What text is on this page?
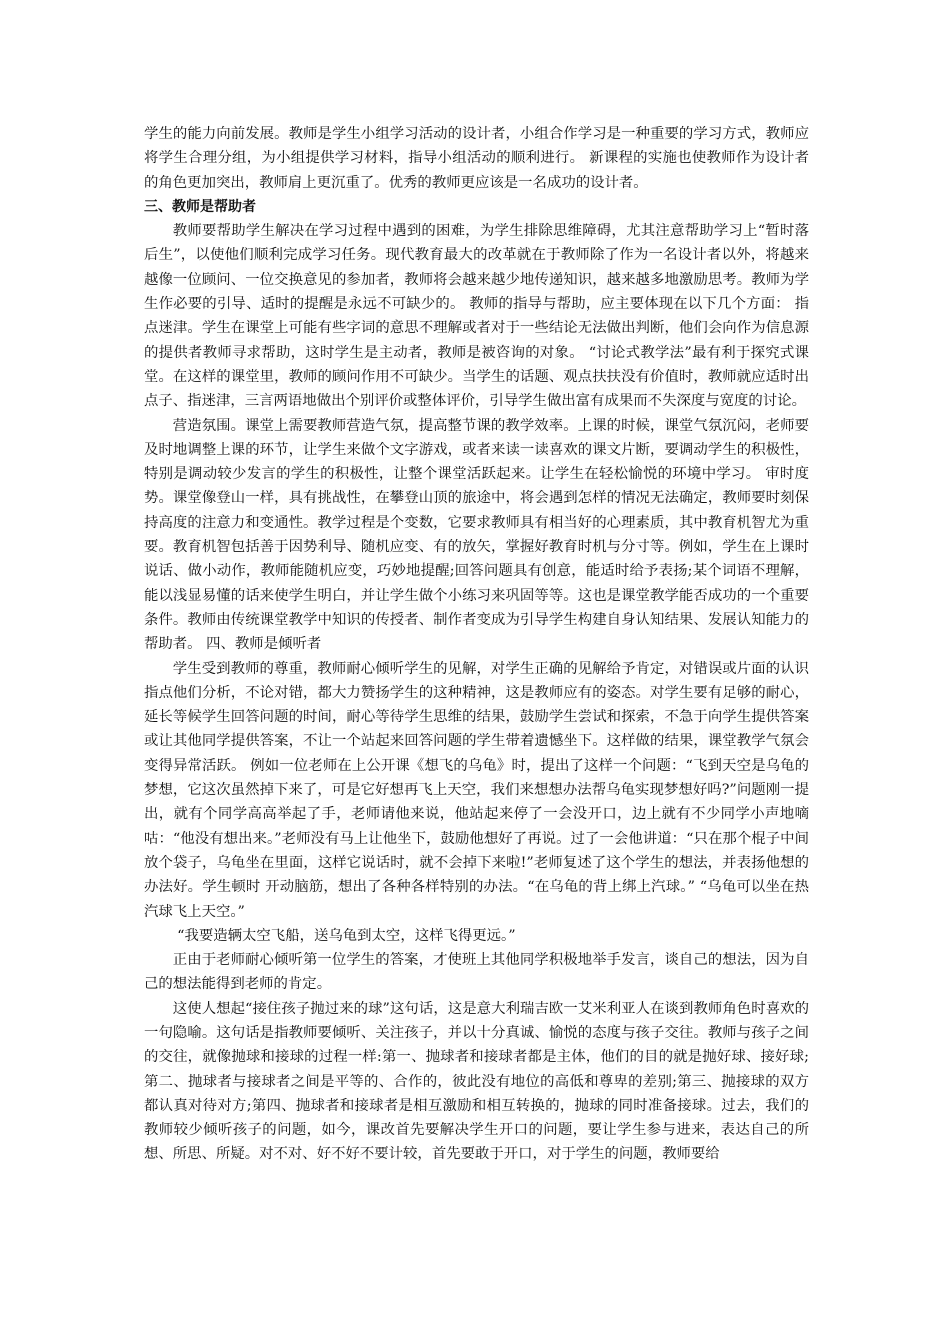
学生的能力向前发展。教师是学生小组学习活动的设计者，小组合作学习是一种重要的学习方式，教师应将学生合理分组，为小组提供学习材料，指导小组活动的顺利进行。 新课程的实施也使教师作为设计者的角色更加突出，教师肩上更沉重了。优秀的教师更应该是一名成功的设计者。

三、教师是帮助者

教师要帮助学生解决在学习过程中遇到的困难，为学生排除思维障碍，尤其注意帮助学习上“暂时落后生”，以使他们顺利完成学习任务。现代教育最大的改革就在于教师除了作为一名设计者以外，将越来越像一位顾问、一位交换意见的参加者，教师将会越来越少地传递知识，越来越多地激励思考。教师为学生作必要的引导、适时的提醒是永远不可缺少的。 教师的指导与帮助，应主要体现在以下几个方面： 指点迷津。学生在课堂上可能有些字词的意思不理解或者对于一些结论无法做出判断，他们会向作为信息源的提供者教师寻求帮助，这时学生是主动者，教师是被咨询的对象。 “讨论式教学法”最有利于探究式课堂。在这样的课堂里，教师的顾问作用不可缺少。当学生的话题、观点扶扶没有价值时，教师就应适时出点子、指迷津，三言两语地做出个别评价或整体评价，引导学生做出富有成果而不失深度与宽度的讨论。

营造氛围。课堂上需要教师营造气氛，提高整节课的教学效率。上课的时候，课堂气氛沉闷，老师要及时地调整上课的环节，让学生来做个文字游戏，或者来读一读喜欢的课文片断，要调动学生的积极性，特别是调动较少发言的学生的积极性，让整个课堂活跃起来。让学生在轻松愉悦的环境中学习。 审时度势。课堂像登山一样，具有挑战性，在攀登山顶的旅途中，将会遇到怎样的情况无法确定，教师要时刻保持高度的注意力和变通性。教学过程是个变数，它要求教师具有相当好的心理素质，其中教育机智尤为重要。教育机智包括善于因势利导、随机应变、有的放矢，掌握好教育时机与分寸等。例如，学生在上课时说话、做小动作，教师能随机应变，巧妙地提醒;回答问题具有创意，能适时给予表扬;某个词语不理解，能以浅显易懂的话来使学生明白，并让学生做个小练习来巩固等等。这也是课堂教学能否成功的一个重要条件。教师由传统课堂教学中知识的传授者、制作者变成为引导学生构建自身认知结果、发展认知能力的帮助者。 四、教师是倾听者

学生受到教师的尊重，教师耐心倾听学生的见解，对学生正确的见解给予肯定，对错误或片面的认识指点他们分析，不论对错，都大力赞扬学生的这种精神，这是教师应有的姿态。对学生要有足够的耐心，延长等候学生回答问题的时间，耐心等待学生思维的结果，鼓励学生尝试和探索，不急于向学生提供答案或让其他同学提供答案，不让一个站起来回答问题的学生带着遗憾坐下。这样做的结果，课堂教学气氛会变得异常活跃。 例如一位老师在上公开课《想飞的乌龟》时，提出了这样一个问题：“飞到天空是乌龟的梦想，它这次虽然掉下来了，可是它好想再飞上天空，我们来想想办法帮乌龟实现梦想好吗?”问题刚一提出，就有个同学高高举起了手，老师请他来说，他站起来停了一会没开口，边上就有不少同学小声地嘀咕：“他没有想出来。”老师没有马上让他坐下，鼓励他想好了再说。过了一会他讲道：“只在那个棍子中间放个袋子，乌龟坐在里面，这样它说话时，就不会掉下来啦!”老师复述了这个学生的想法，并表扬他想的办法好。学生顿时 开动脑筋，想出了各种各样特别的办法。“在乌龟的背上绑上汽球。” “乌龟可以坐在热汽球飞上天空。”

“我要造辆太空飞船，送乌龟到太空，这样飞得更远。”

正由于老师耐心倾听第一位学生的答案，才使班上其他同学积极地举手发言，谈自己的想法，因为自己的想法能得到老师的肯定。

这使人想起“接住孩子抛过来的球”这句话，这是意大利瑞吉欧一艾米利亚人在谈到教师角色时喜欢的一句隐喻。这句话是指教师要倾听、关注孩子，并以十分真诚、愉悦的态度与孩子交往。教师与孩子之间的交往，就像抛球和接球的过程一样:第一、抛球者和接球者都是主体，他们的目的就是抛好球、接好球;第二、抛球者与接球者之间是平等的、合作的，彼此没有地位的高低和尊卑的差别;第三、抛接球的双方都认真对待对方;第四、抛球者和接球者是相互激励和相互转换的，抛球的同时准备接球。过去，我们的教师较少倾听孩子的问题，如今，课改首先要解决学生开口的问题，要让学生参与进来，表达自己的所想、所思、所疑。对不对、好不好不要计较，首先要敢于开口，对于学生的问题，教师要给
